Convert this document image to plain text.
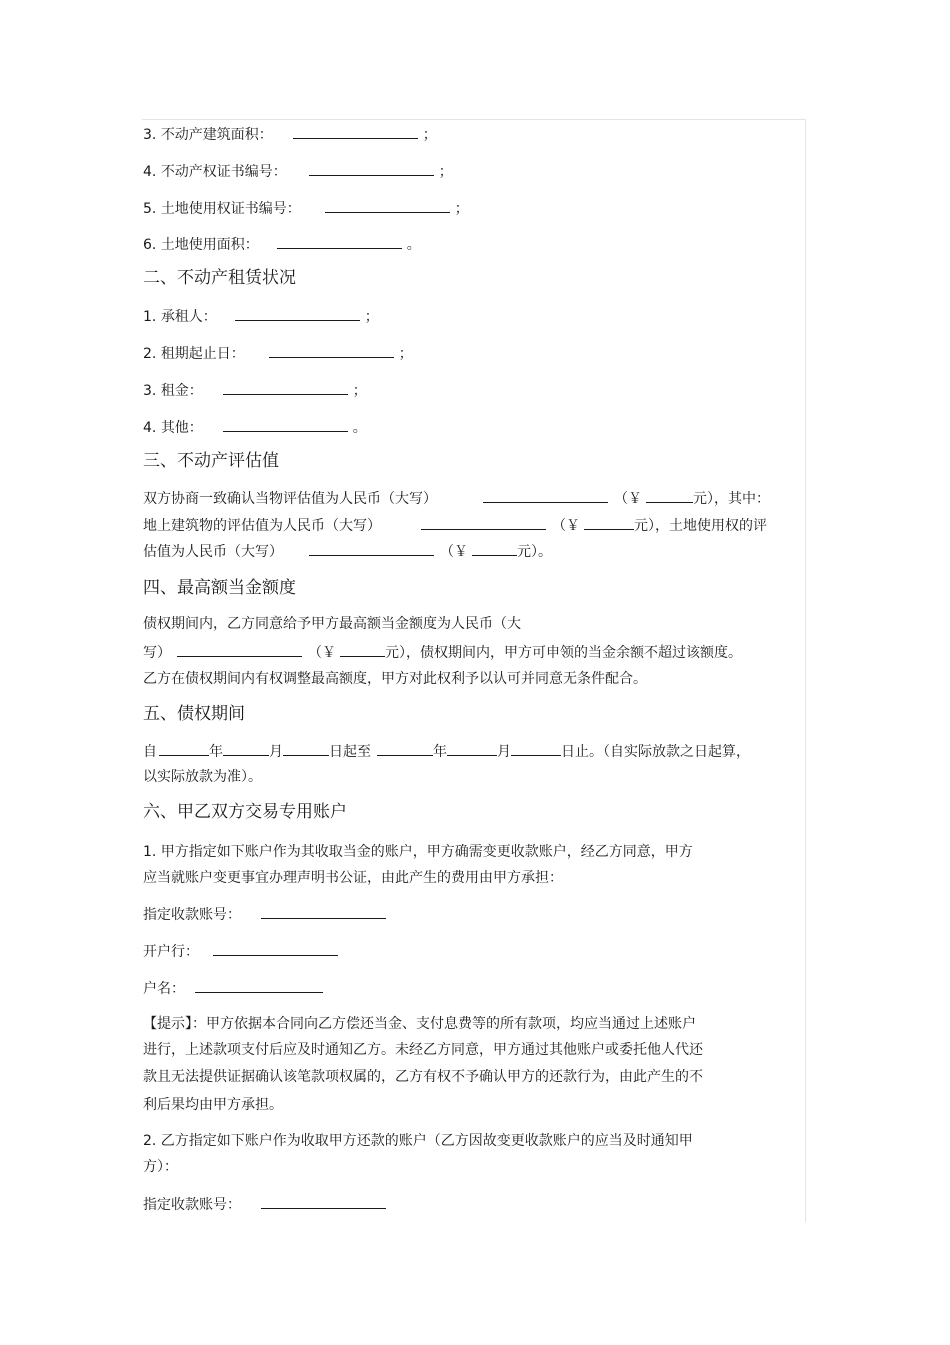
3. 不动产建筑面积：	；
4. 不动产权证书编号：	；
5. 土地使用权证书编号：	；
6. 土地使用面积：	。
二、不动产租赁状况
1. 承租人：	；
2. 租期起止日：	；
3. 租金：	；
4. 其他：	。
三、不动产评估值
双方协商一致确认当物评估值为人民币（大写）	（￥	元），其中：
地上建筑物的评估值为人民币（大写）	（￥	元），土地使用权的评
估值为人民币（大写）	（￥	元）。
四、最高额当金额度
债权期间内，乙方同意给予甲方最高额当金额度为人民币（大
写）	（￥	元），债权期间内，甲方可申领的当金余额不超过该额度。
乙方在债权期间内有权调整最高额度，甲方对此权利予以认可并同意无条件配合。
五、债权期间
自	年	月	日起至	年	月	日止。（自实际放款之日起算，
以实际放款为准）。
六、甲乙双方交易专用账户
1. 甲方指定如下账户作为其收取当金的账户，甲方确需变更收款账户，经乙方同意，甲方
应当就账户变更事宜办理声明书公证，由此产生的费用由甲方承担：
指定收款账号：
开户行：
户名：
【提示】：甲方依据本合同向乙方偿还当金、支付息费等的所有款项，均应当通过上述账户
进行，上述款项支付后应及时通知乙方。未经乙方同意，甲方通过其他账户或委托他人代还
款且无法提供证据确认该笔款项权属的，乙方有权不予确认甲方的还款行为，由此产生的不
利后果均由甲方承担。
2. 乙方指定如下账户作为收取甲方还款的账户（乙方因故变更收款账户的应当及时通知甲
方）：
指定收款账号：
